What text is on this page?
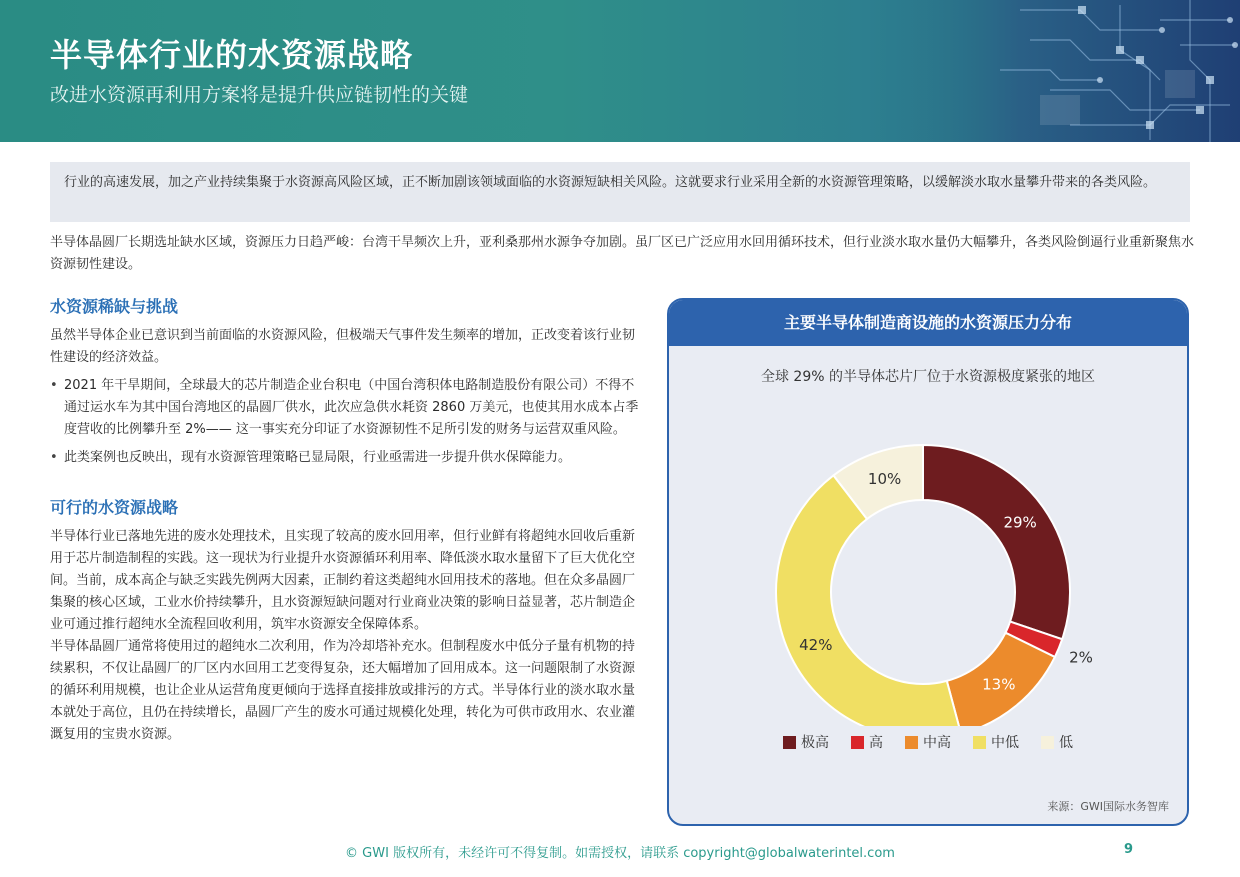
半导体行业的水资源战略
改进水资源再利用方案将是提升供应链韧性的关键
行业的高速发展，加之产业持续集聚于水资源高风险区域，正不断加剧该领域面临的水资源短缺相关风险。这就要求行业采用全新的水资源管理策略，以缓解淡水取水量攀升带来的各类风险。
半导体晶圆厂长期选址缺水区域，资源压力日趋严峻：台湾干旱频次上升，亚利桑那州水源争夺加剧。虽厂区已广泛应用水回用循环技术，但行业淡水取水量仍大幅攀升，各类风险倒逼行业重新聚焦水资源韧性建设。
水资源稀缺与挑战
虽然半导体企业已意识到当前面临的水资源风险，但极端天气事件发生频率的增加，正改变着该行业韧性建设的经济效益。
• 2021 年干旱期间，全球最大的芯片制造企业台积电（中国台湾积体电路制造股份有限公司）不得不通过运水车为其中国台湾地区的晶圆厂供水，此次应急供水耗资 2860 万美元，也使其用水成本占季度营收的比例攀升至 2%—— 这一事实充分印证了水资源韧性不足所引发的财务与运营双重风险。
• 此类案例也反映出，现有水资源管理策略已显局限，行业亟需进一步提升供水保障能力。
可行的水资源战略
半导体行业已落地先进的废水处理技术，且实现了较高的废水回用率，但行业鲜有将超纯水回收后重新用于芯片制造制程的实践。这一现状为行业提升水资源循环利用率、降低淡水取水量留下了巨大优化空间。当前，成本高企与缺乏实践先例两大因素，正制约着这类超纯水回用技术的落地。但在众多晶圆厂集聚的核心区域，工业水价持续攀升，且水资源短缺问题对行业商业决策的影响日益显著，芯片制造企业可通过推行超纯水全流程回收利用，筑牢水资源安全保障体系。
半导体晶圆厂通常将使用过的超纯水二次利用，作为冷却塔补充水。但制程废水中低分子量有机物的持续累积，不仅让晶圆厂的厂区内水回用工艺变得复杂，还大幅增加了回用成本。这一问题限制了水资源的循环利用规模，也让企业从运营角度更倾向于选择直接排放或排污的方式。半导体行业的淡水取水量本就处于高位，且仍在持续增长，晶圆厂产生的废水可通过规模化处理，转化为可供市政用水、农业灌溉复用的宝贵水资源。
主要半导体制造商设施的水资源压力分布
全球 29% 的半导体芯片厂位于水资源极度紧张的地区
29%
2%
13%
42%
10%
极高	高	中高	中低	低
来源：GWI国际水务智库
© GWI 版权所有，未经许可不得复制。如需授权，请联系 copyright@globalwaterintel.com	9
